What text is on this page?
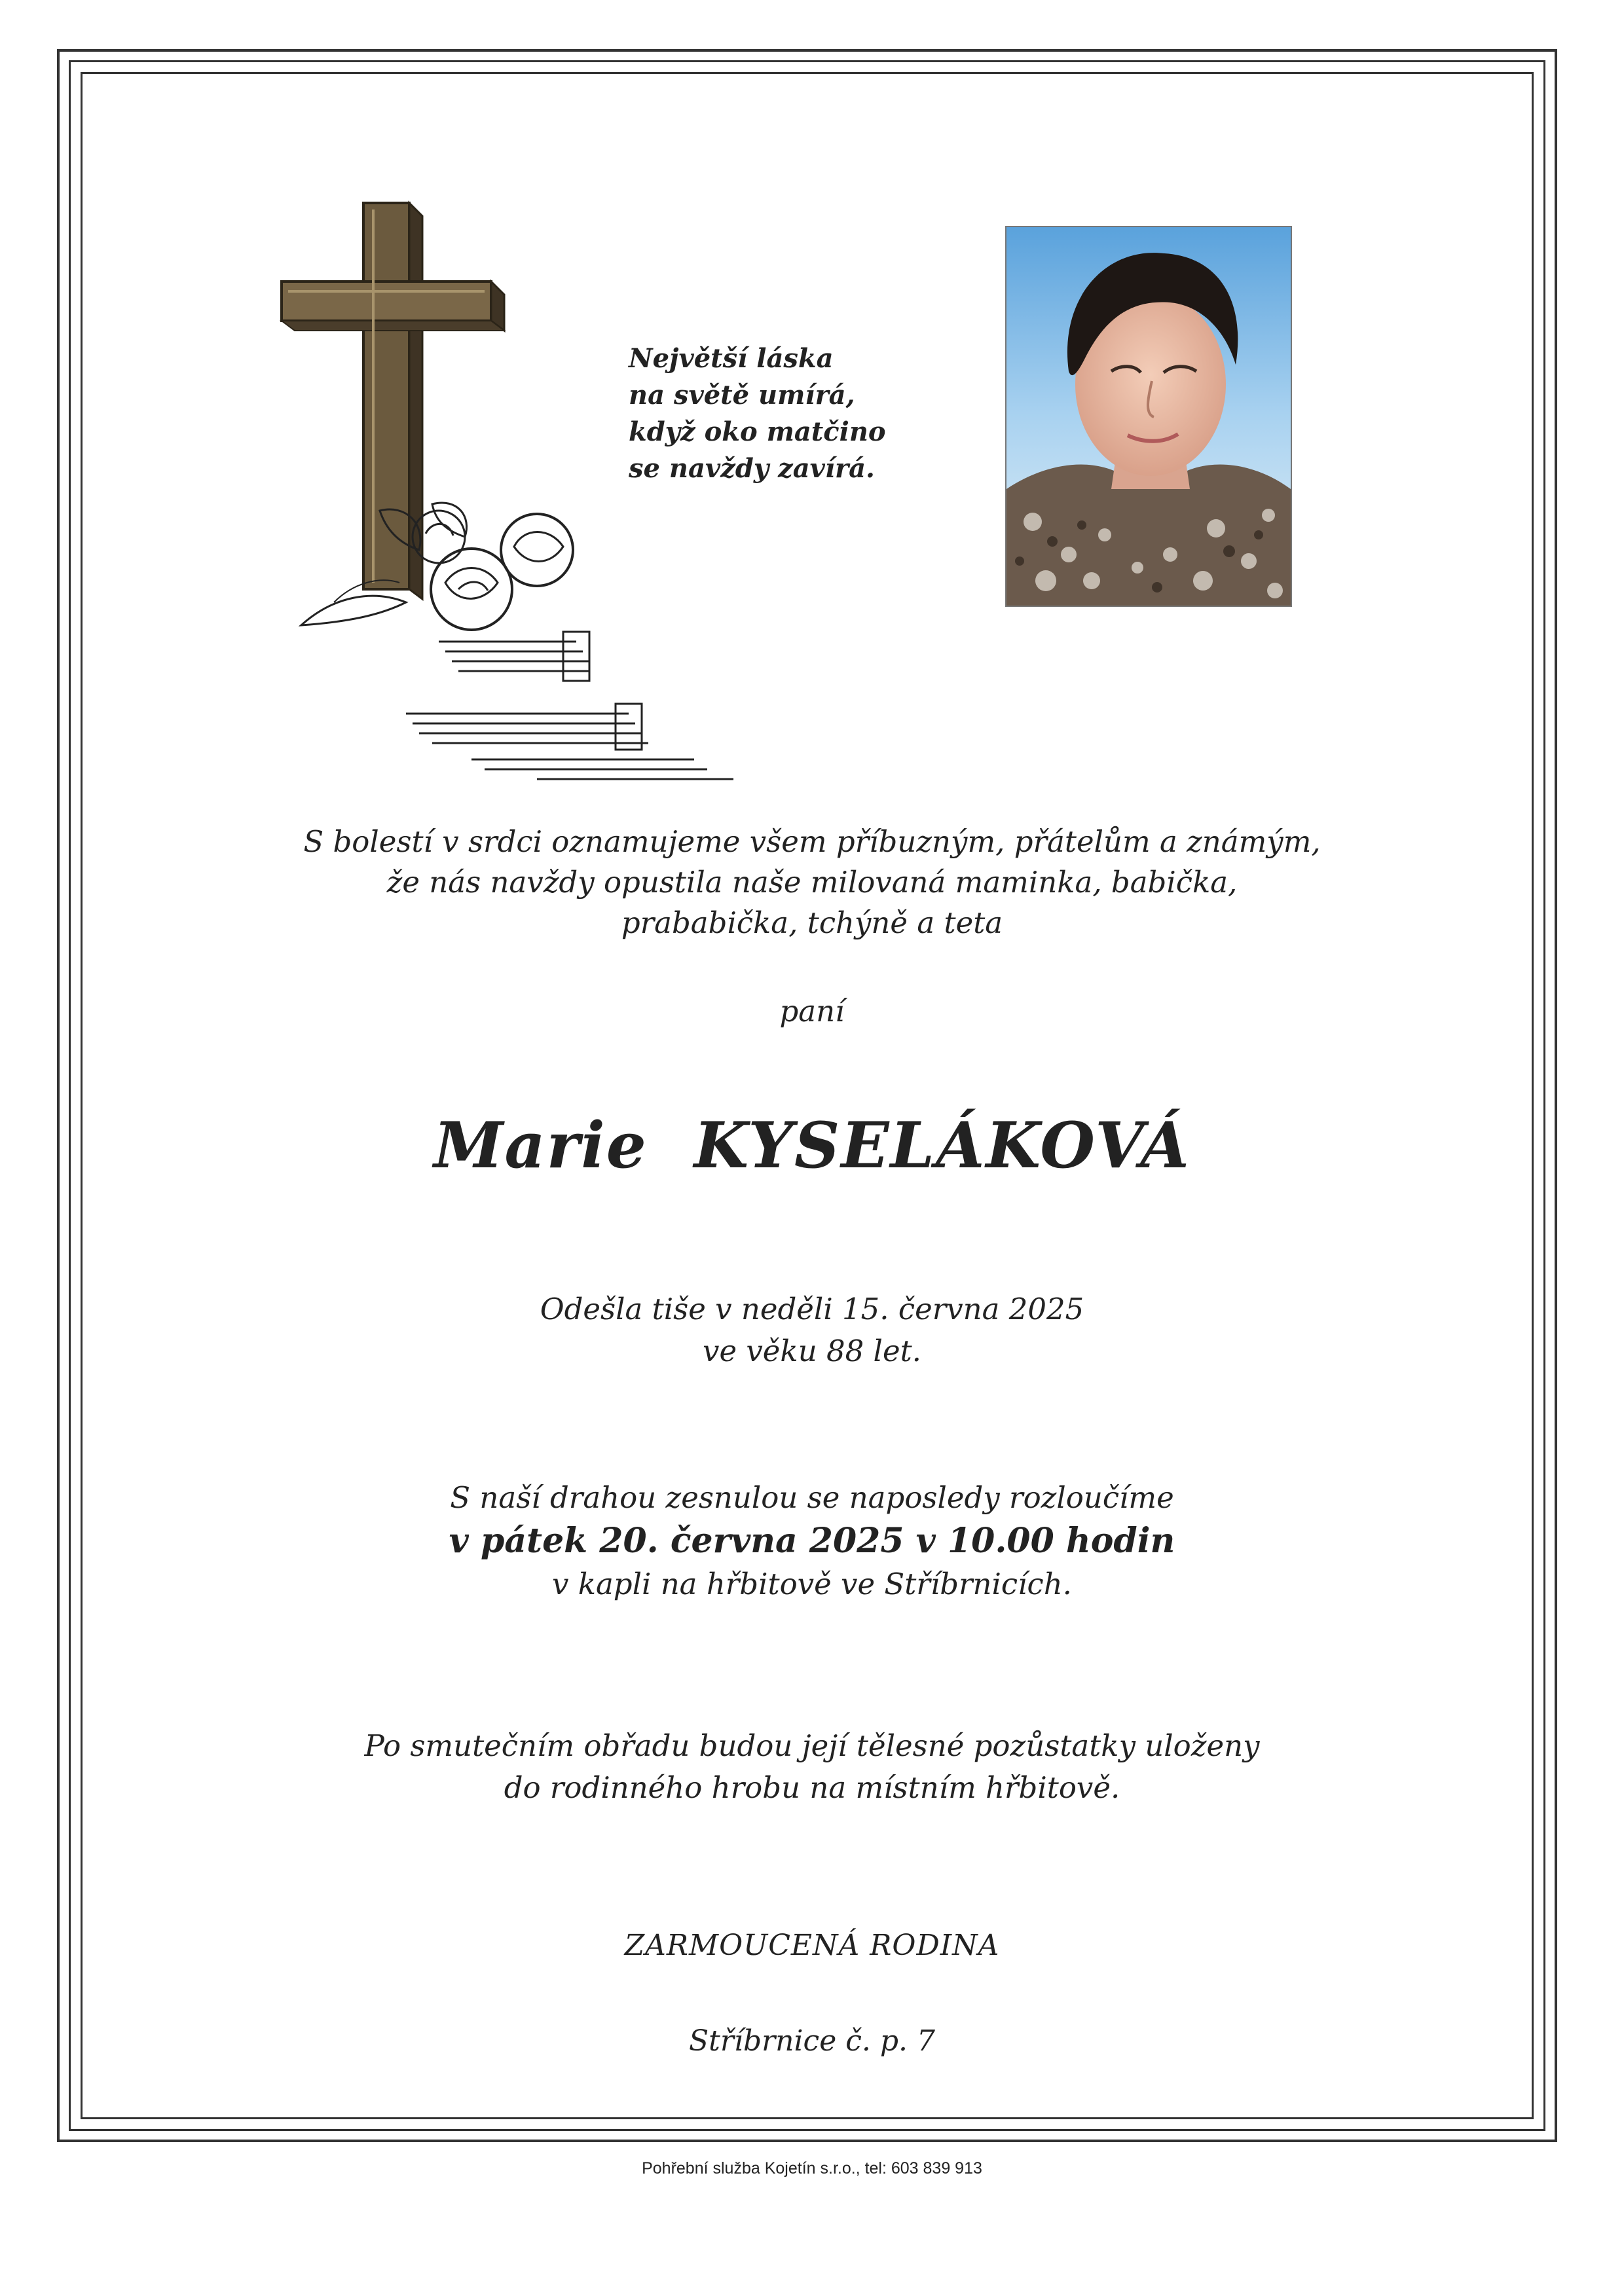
Největší láska
na světě umírá,
když oko matčino
se navždy zavírá.
S bolestí v srdci oznamujeme všem příbuzným, přátelům a známým,
že nás navždy opustila naše milovaná maminka, babička,
prababička, tchýně a teta
paní
Marie KYSELÁKOVÁ
Odešla tiše v neděli 15. června 2025
ve věku 88 let.
S naší drahou zesnulou se naposledy rozloučíme
v pátek 20. června 2025 v 10.00 hodin
v kapli na hřbitově ve Stříbrnicích.
Po smutečním obřadu budou její tělesné pozůstatky uloženy
do rodinného hrobu na místním hřbitově.
ZARMOUCENÁ RODINA
Stříbrnice č. p. 7
Pohřební služba Kojetín s.r.o., tel: 603 839 913
